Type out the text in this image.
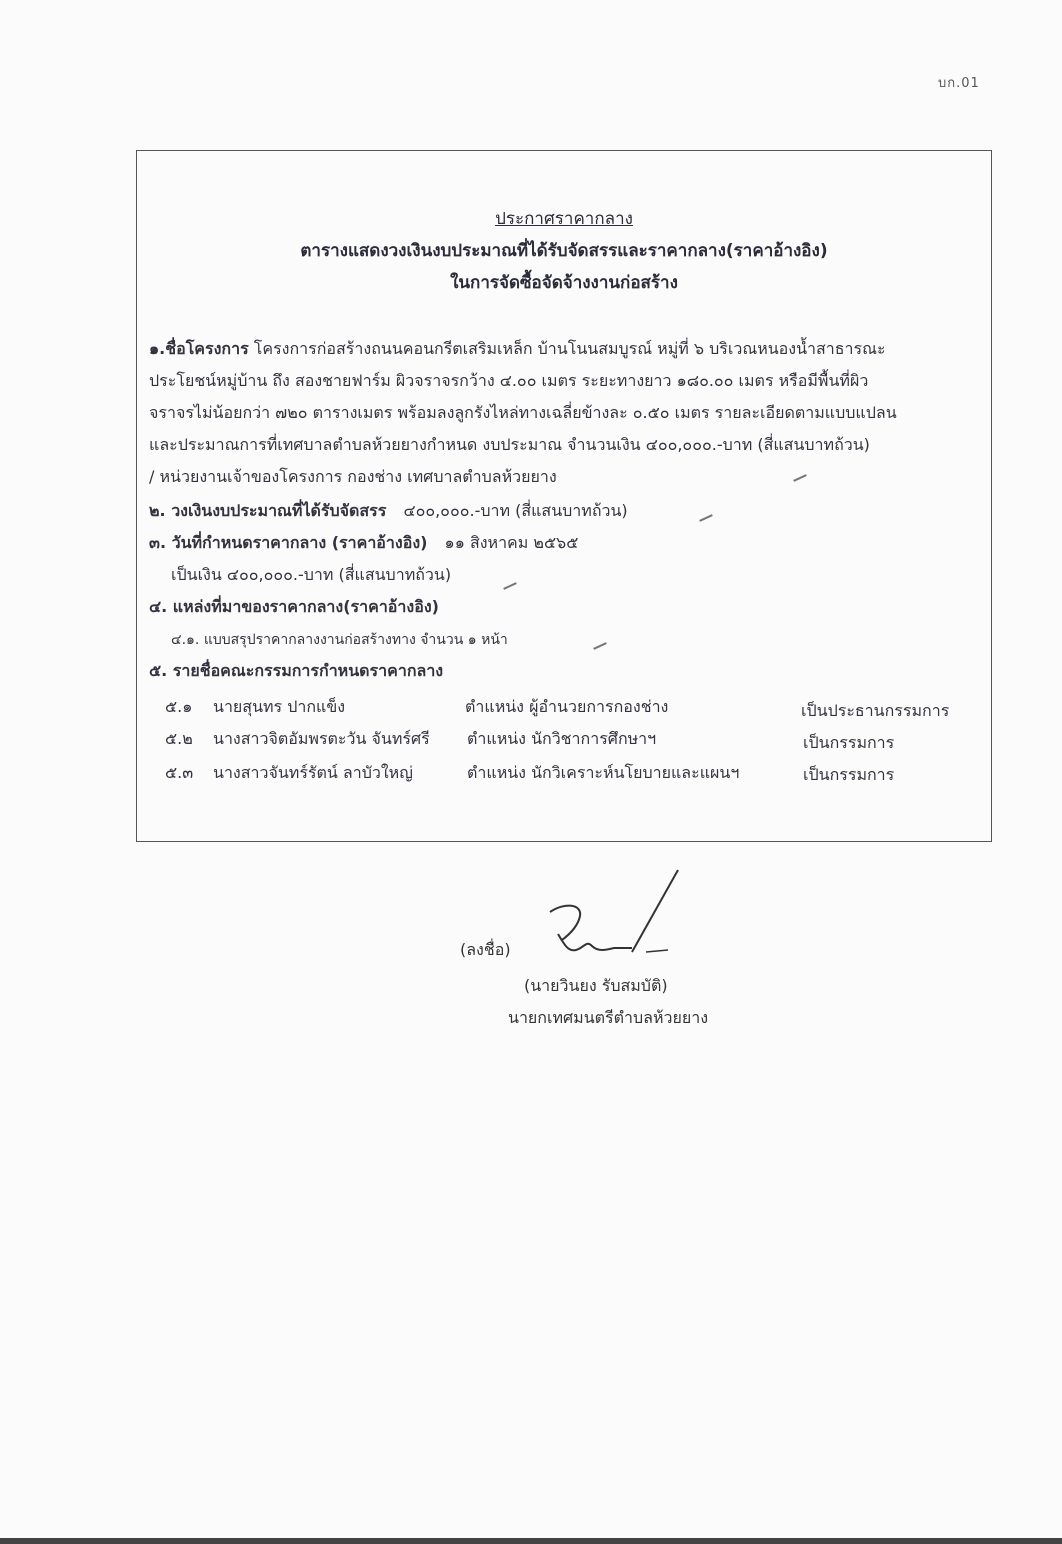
บก.01
ประกาศราคากลาง
ตารางแสดงวงเงินงบประมาณที่ได้รับจัดสรรและราคากลาง(ราคาอ้างอิง)
ในการจัดซื้อจัดจ้างงานก่อสร้าง
๑.ชื่อโครงการ โครงการก่อสร้างถนนคอนกรีตเสริมเหล็ก บ้านโนนสมบูรณ์ หมู่ที่ ๖ บริเวณหนองน้ำสาธารณะ
ประโยชน์หมู่บ้าน ถึง สองชายฟาร์ม ผิวจราจรกว้าง ๔.๐๐ เมตร ระยะทางยาว ๑๘๐.๐๐ เมตร หรือมีพื้นที่ผิว
จราจรไม่น้อยกว่า ๗๒๐ ตารางเมตร พร้อมลงลูกรังไหล่ทางเฉลี่ยข้างละ ๐.๕๐ เมตร รายละเอียดตามแบบแปลน
และประมาณการที่เทศบาลตำบลห้วยยางกำหนด งบประมาณ จำนวนเงิน ๔๐๐,๐๐๐.-บาท (สี่แสนบาทถ้วน)
/ หน่วยงานเจ้าของโครงการ กองช่าง เทศบาลตำบลห้วยยาง
๒. วงเงินงบประมาณที่ได้รับจัดสรร ๔๐๐,๐๐๐.-บาท (สี่แสนบาทถ้วน)
๓. วันที่กำหนดราคากลาง (ราคาอ้างอิง) ๑๑ สิงหาคม ๒๕๖๕
เป็นเงิน ๔๐๐,๐๐๐.-บาท (สี่แสนบาทถ้วน)
๔. แหล่งที่มาของราคากลาง(ราคาอ้างอิง)
๔.๑. แบบสรุปราคากลางงานก่อสร้างทาง จำนวน ๑ หน้า
๕. รายชื่อคณะกรรมการกำหนดราคากลาง
๕.๑ นายสุนทร ปากแข็ง	ตำแหน่ง ผู้อำนวยการกองช่าง	เป็นประธานกรรมการ
๕.๒ นางสาวจิตอัมพรตะวัน จันทร์ศรี ตำแหน่ง นักวิชาการศึกษาฯ	เป็นกรรมการ
๕.๓ นางสาวจันทร์รัตน์ ลาบัวใหญ่	ตำแหน่ง นักวิเคราะห์นโยบายและแผนฯ	เป็นกรรมการ
(ลงชื่อ)
(นายวินยง รับสมบัติ)
นายกเทศมนตรีตำบลห้วยยาง
